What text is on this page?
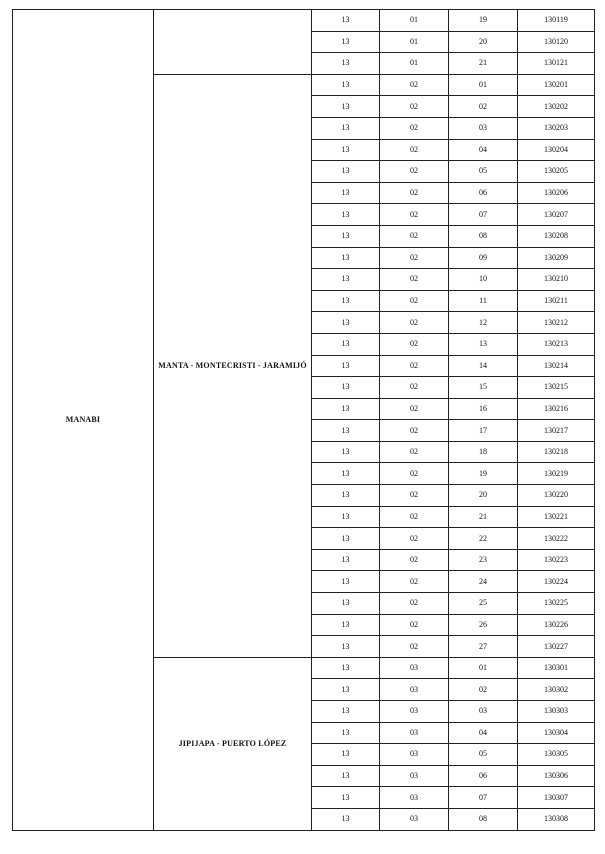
MANABI		13	01	19	130119
		13	01	20	130120
		13	01	21	130121
	MANTA - MONTECRISTI - JARAMIJÓ	13	02	01	130201
		13	02	02	130202
		13	02	03	130203
		13	02	04	130204
		13	02	05	130205
		13	02	06	130206
		13	02	07	130207
		13	02	08	130208
		13	02	09	130209
		13	02	10	130210
		13	02	11	130211
		13	02	12	130212
		13	02	13	130213
		13	02	14	130214
		13	02	15	130215
		13	02	16	130216
		13	02	17	130217
		13	02	18	130218
		13	02	19	130219
		13	02	20	130220
		13	02	21	130221
		13	02	22	130222
		13	02	23	130223
		13	02	24	130224
		13	02	25	130225
		13	02	26	130226
		13	02	27	130227
	JIPIJAPA - PUERTO LÓPEZ	13	03	01	130301
		13	03	02	130302
		13	03	03	130303
		13	03	04	130304
		13	03	05	130305
		13	03	06	130306
		13	03	07	130307
		13	03	08	130308
